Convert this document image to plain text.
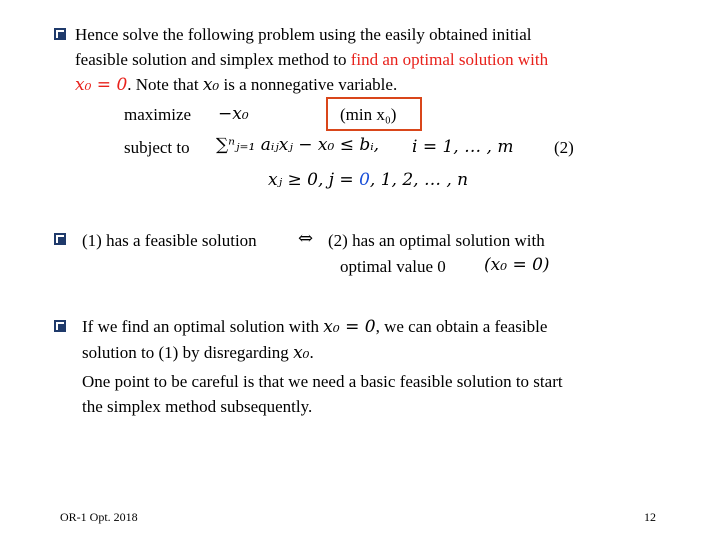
Hence solve the following problem using the easily obtained initial
feasible solution and simplex method to find an optimal solution with
x₀ = 0. Note that x₀ is a nonnegative variable.
maximize −x₀	(min x₀)
subject to ∑ⁿⱼ₌₁ aᵢⱼxⱼ − x₀ ≤ bᵢ, i = 1, … , m (2)
xⱼ ≥ 0, j = 0, 1, 2, … , n
(1) has a feasible solution ⇔ (2) has an optimal solution with
optimal value 0 (x₀ = 0)
If we find an optimal solution with x₀ = 0, we can obtain a feasible
solution to (1) by disregarding x₀.
One point to be careful is that we need a basic feasible solution to start
the simplex method subsequently.
OR-1 Opt. 2018	12
